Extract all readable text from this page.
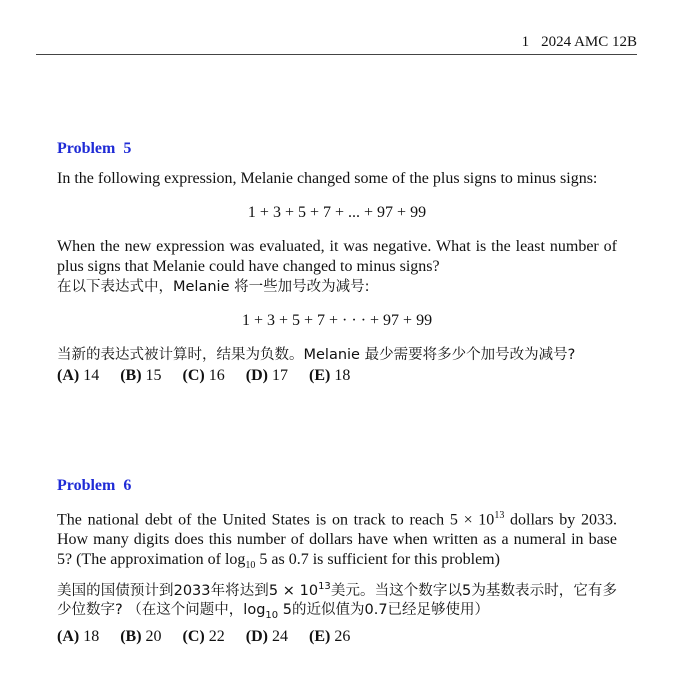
1 2024 AMC 12B
Problem 5

In the following expression, Melanie changed some of the plus signs to minus signs:

1 + 3 + 5 + 7 + ... + 97 + 99

When the new expression was evaluated, it was negative. What is the least number of plus signs that Melanie could have changed to minus signs?

在以下表达式中，Melanie 将一些加号改为减号:

1 + 3 + 5 + 7 + · · · + 97 + 99

当新的表达式被计算时，结果为负数。Melanie 最少需要将多少个加号改为减号?

(A) 14 (B) 15 (C) 16 (D) 17 (E) 18
Problem 6

The national debt of the United States is on track to reach $5 \times 10^{13}$ dollars by 2033. How many digits does this number of dollars have when written as a numeral in base 5? (The approximation of $\log_{10} 5$ as 0.7 is sufficient for this problem)

美国的国债预计到2033年将达到$5 \times 10^{13}$美元。当这个数字以5为基数表示时，它有多少位数字? （在这个问题中，$\log_{10} 5$的近似值为0.7已经足够使用）

(A) 18 (B) 20 (C) 22 (D) 24 (E) 26
